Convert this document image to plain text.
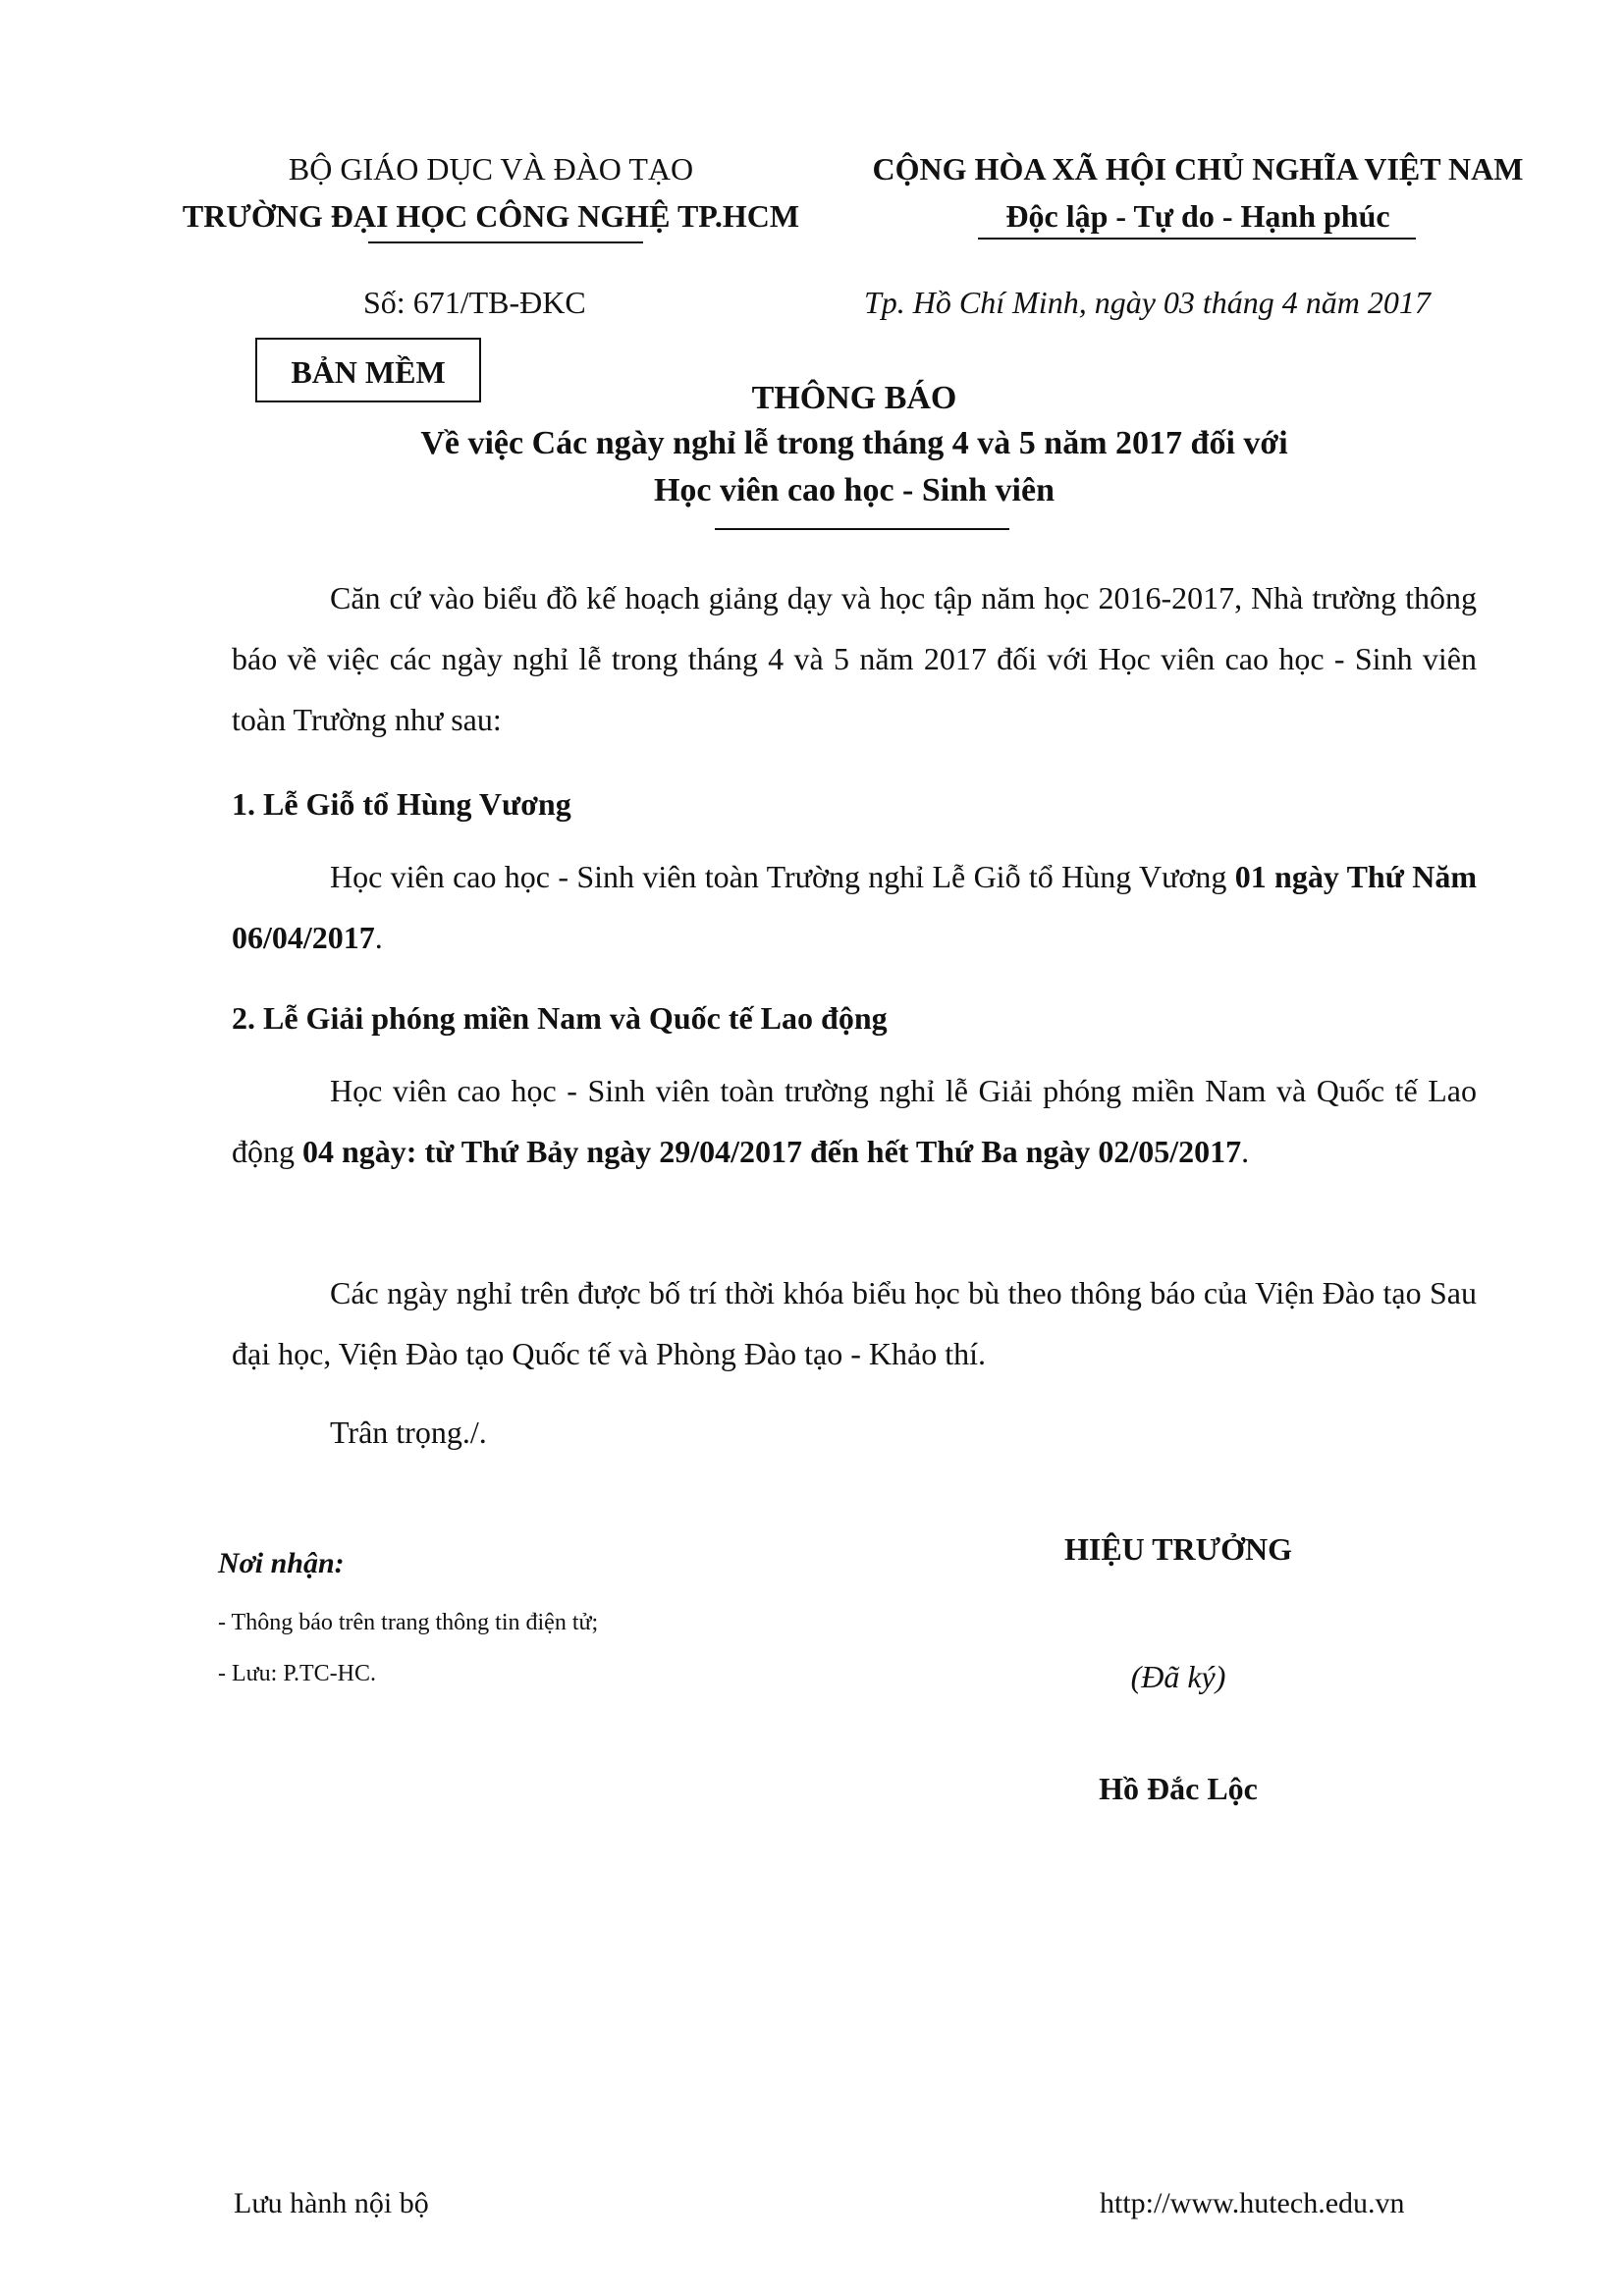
BỘ GIÁO DỤC VÀ ĐÀO TẠO
TRƯỜNG ĐẠI HỌC CÔNG NGHỆ TP.HCM
CỘNG HÒA XÃ HỘI CHỦ NGHĨA VIỆT NAM
Độc lập - Tự do - Hạnh phúc
Số: 671/TB-ĐKC	Tp. Hồ Chí Minh, ngày 03 tháng 4 năm 2017
BẢN MỀM
THÔNG BÁO
Về việc Các ngày nghỉ lễ trong tháng 4 và 5 năm 2017 đối với
Học viên cao học - Sinh viên
Căn cứ vào biểu đồ kế hoạch giảng dạy và học tập năm học 2016-2017, Nhà trường thông báo về việc các ngày nghỉ lễ trong tháng 4 và 5 năm 2017 đối với Học viên cao học - Sinh viên toàn Trường như sau:
1. Lễ Giỗ tổ Hùng Vương
Học viên cao học - Sinh viên toàn Trường nghỉ Lễ Giỗ tổ Hùng Vương 01 ngày Thứ Năm 06/04/2017.
2. Lễ Giải phóng miền Nam và Quốc tế Lao động
Học viên cao học - Sinh viên toàn trường nghỉ lễ Giải phóng miền Nam và Quốc tế Lao động 04 ngày: từ Thứ Bảy ngày 29/04/2017 đến hết Thứ Ba ngày 02/05/2017.
Các ngày nghỉ trên được bố trí thời khóa biểu học bù theo thông báo của Viện Đào tạo Sau đại học, Viện Đào tạo Quốc tế và Phòng Đào tạo - Khảo thí.
Trân trọng./.
Nơi nhận:
- Thông báo trên trang thông tin điện tử;
- Lưu: P.TC-HC.
HIỆU TRƯỞNG
(Đã ký)
Hồ Đắc Lộc
Lưu hành nội bộ	http://www.hutech.edu.vn
